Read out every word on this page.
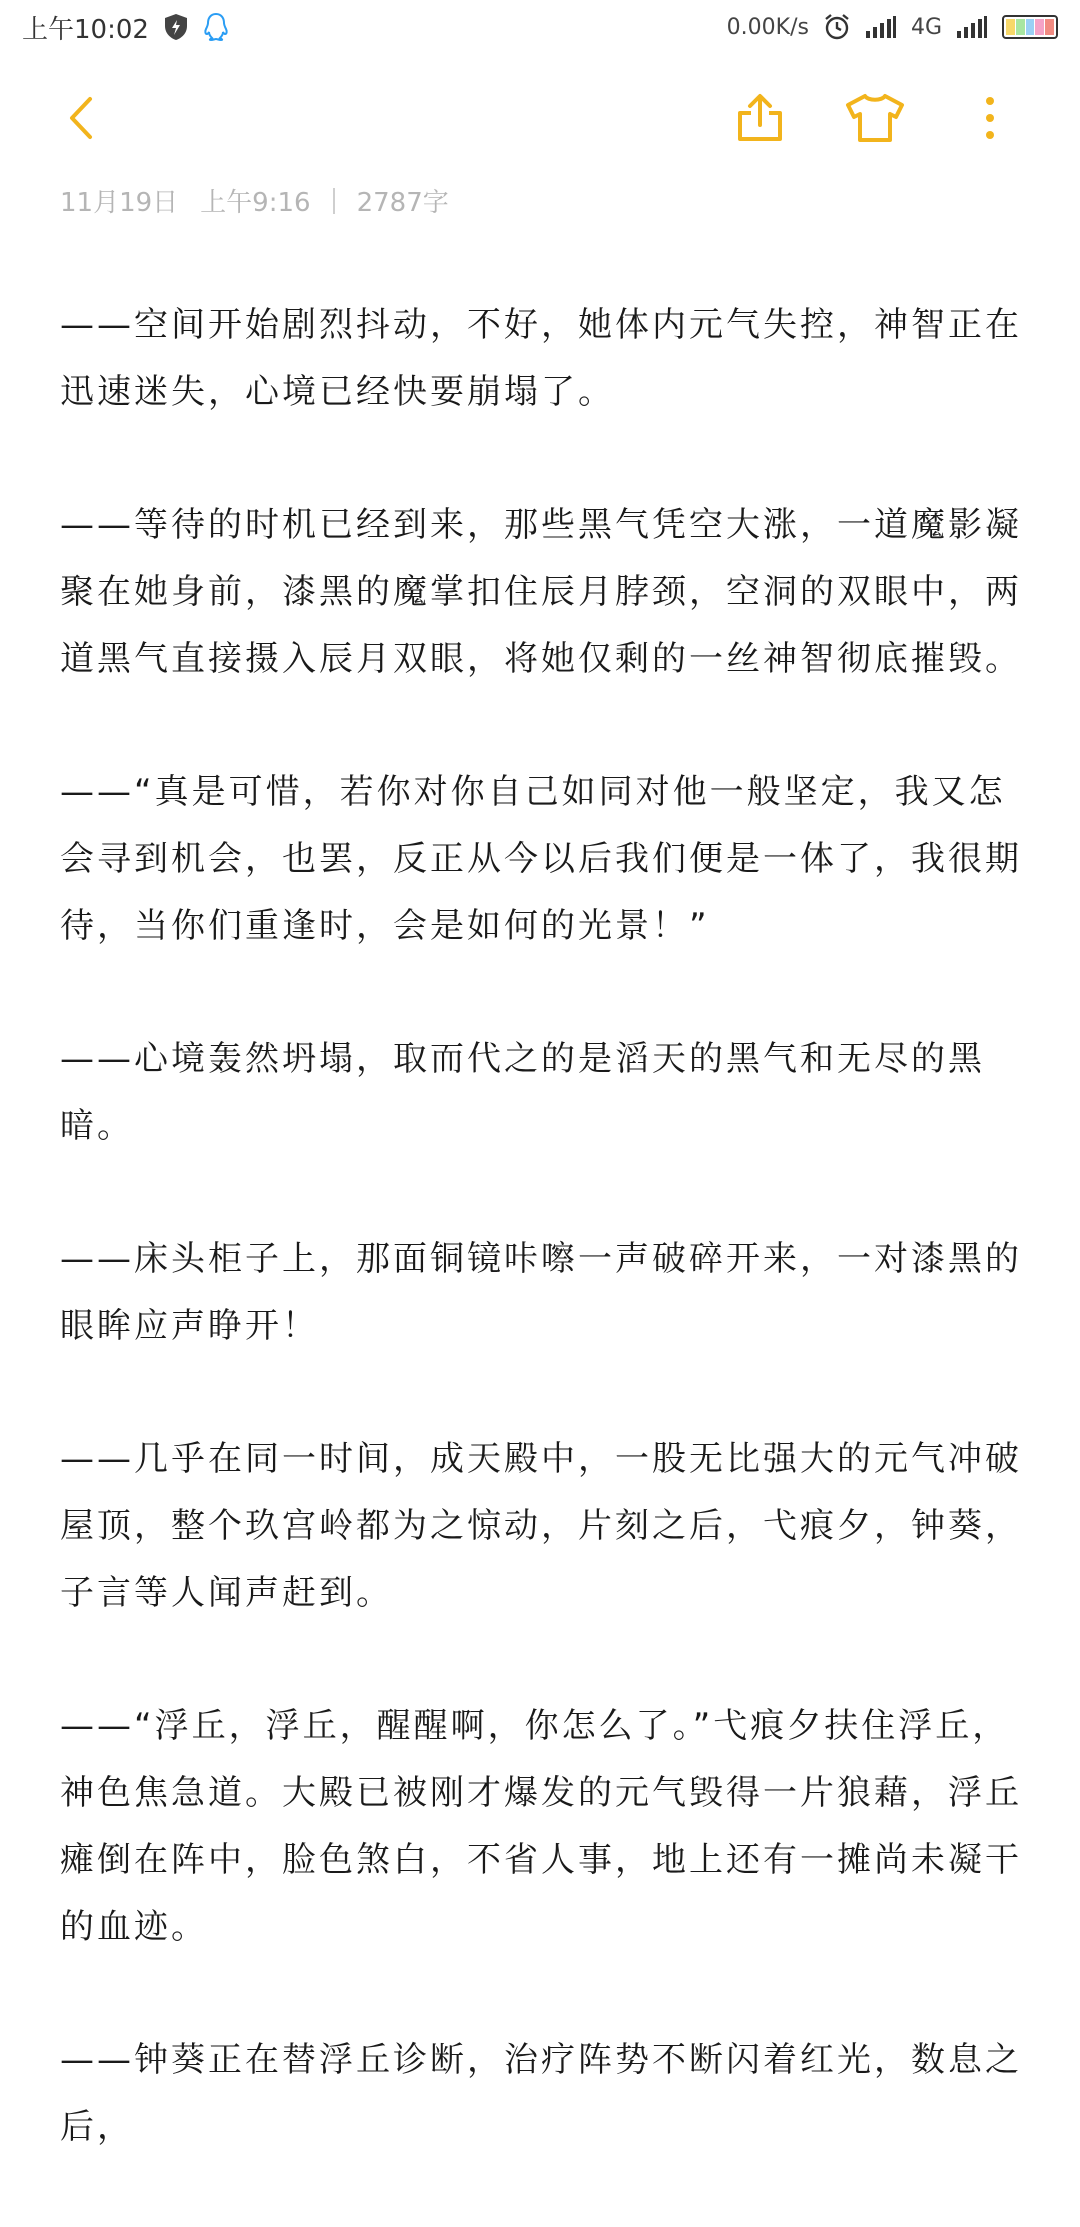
上午10:02	0.00K/s	4G
11月19日 上午9:16 2787字

——空间开始剧烈抖动，不好，她体内元气失控，神智正在迅速迷失，心境已经快要崩塌了。

——等待的时机已经到来，那些黑气凭空大涨，一道魔影凝聚在她身前，漆黑的魔掌扣住辰月脖颈，空洞的双眼中，两道黑气直接摄入辰月双眼，将她仅剩的一丝神智彻底摧毁。

——“真是可惜，若你对你自己如同对他一般坚定，我又怎会寻到机会，也罢，反正从今以后我们便是一体了，我很期待，当你们重逢时，会是如何的光景！”

——心境轰然坍塌，取而代之的是滔天的黑气和无尽的黑暗。

——床头柜子上，那面铜镜咔嚓一声破碎开来，一对漆黑的眼眸应声睁开！

——几乎在同一时间，成天殿中，一股无比强大的元气冲破屋顶，整个玖宫岭都为之惊动，片刻之后，弋痕夕，钟葵，子言等人闻声赶到。

——“浮丘，浮丘，醒醒啊，你怎么了。”弋痕夕扶住浮丘，神色焦急道。大殿已被刚才爆发的元气毁得一片狼藉，浮丘瘫倒在阵中，脸色煞白，不省人事，地上还有一摊尚未凝干的血迹。

——钟葵正在替浮丘诊断，治疗阵势不断闪着红光，数息之后，
